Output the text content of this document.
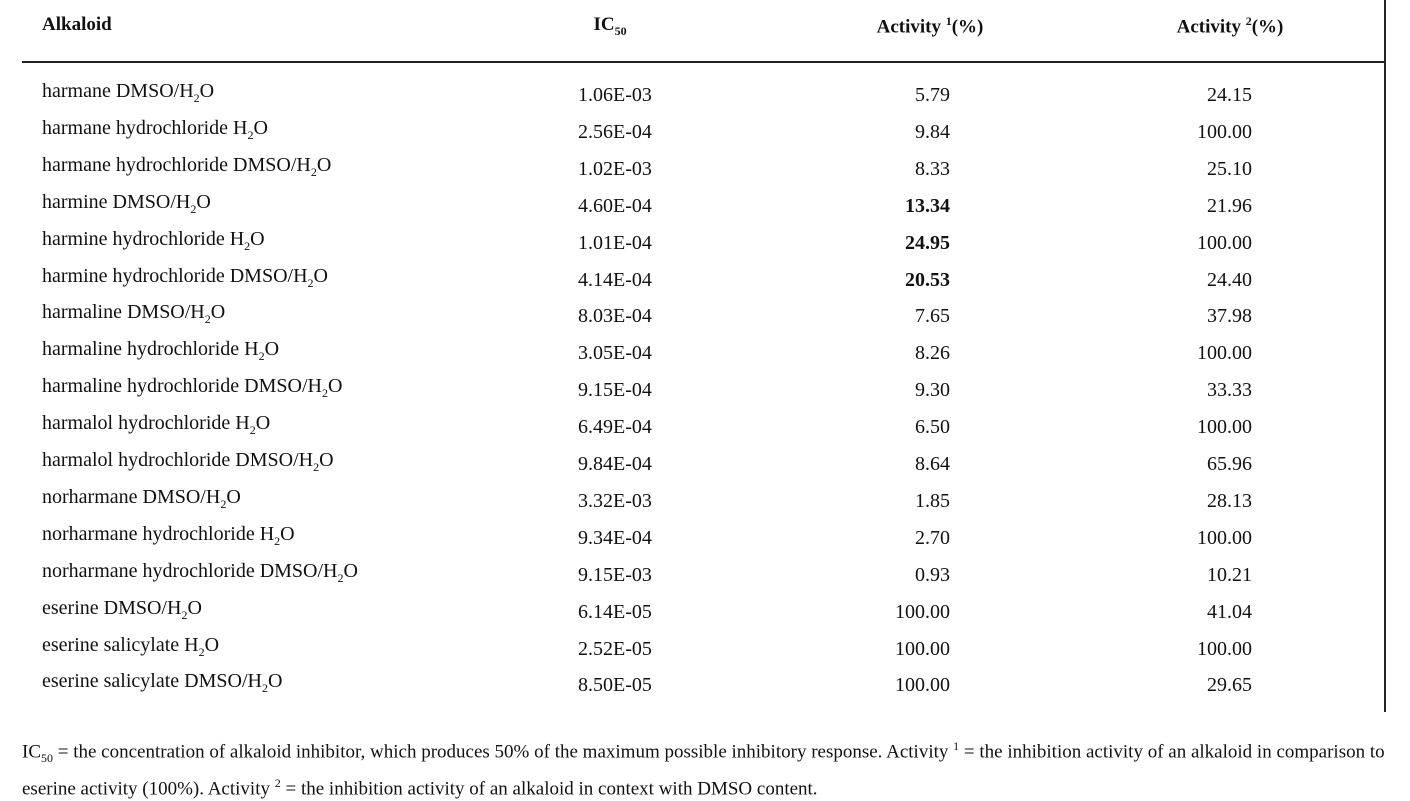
Alkaloid	$IC_{50}$	Activity $^1$(%)	Activity $^2$(%)
harmane DMSO/$H_2O$	1.06E-03	5.79	24.15
harmane hydrochloride $H_2O$	2.56E-04	9.84	100.00
harmane hydrochloride DMSO/$H_2O$	1.02E-03	8.33	25.10
harmine DMSO/$H_2O$	4.60E-04	13.34	21.96
harmine hydrochloride $H_2O$	1.01E-04	24.95	100.00
harmine hydrochloride DMSO/$H_2O$	4.14E-04	20.53	24.40
harmaline DMSO/$H_2O$	8.03E-04	7.65	37.98
harmaline hydrochloride $H_2O$	3.05E-04	8.26	100.00
harmaline hydrochloride DMSO/$H_2O$	9.15E-04	9.30	33.33
harmalol hydrochloride $H_2O$	6.49E-04	6.50	100.00
harmalol hydrochloride DMSO/$H_2O$	9.84E-04	8.64	65.96
norharmane DMSO/$H_2O$	3.32E-03	1.85	28.13
norharmane hydrochloride $H_2O$	9.34E-04	2.70	100.00
norharmane hydrochloride DMSO/$H_2O$	9.15E-03	0.93	10.21
eserine DMSO/$H_2O$	6.14E-05	100.00	41.04
eserine salicylate $H_2O$	2.52E-05	100.00	100.00
eserine salicylate DMSO/$H_2O$	8.50E-05	100.00	29.65
$IC_{50}$ = the concentration of alkaloid inhibitor, which produces 50% of the maximum possible inhibitory response. Activity $^1$ = the inhibition activity of an alkaloid in comparison to eserine activity (100%). Activity $^2$ = the inhibition activity of an alkaloid in context with DMSO content.
